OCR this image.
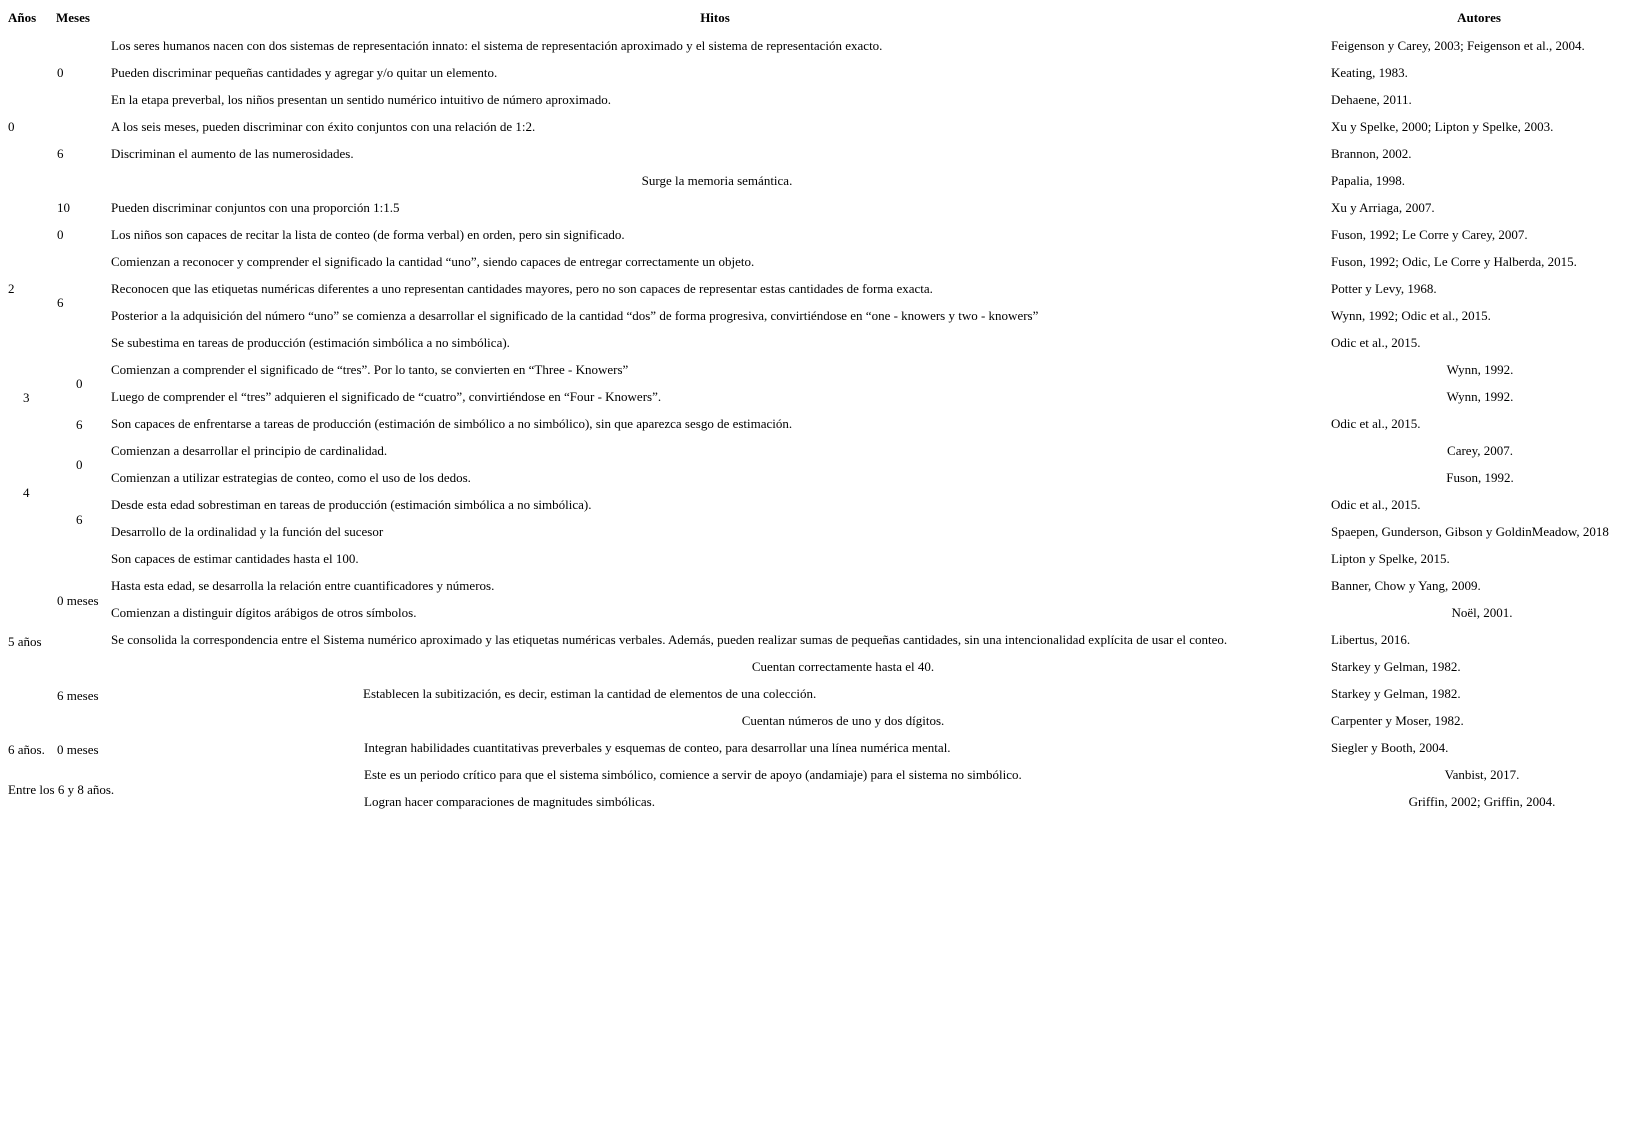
Años Meses	Hitos	Autores
0
2
3
4
5 años
6 años.
Entre los 6 y 8 años.
0
6
10
0
6
0
6
0
6
0 meses
6 meses
0 meses
Los seres humanos nacen con dos sistemas de representación innato: el sistema de representación aproximado y el sistema de representación exacto.
Pueden discriminar pequeñas cantidades y agregar y/o quitar un elemento.
En la etapa preverbal, los niños presentan un sentido numérico intuitivo de número aproximado.
A los seis meses, pueden discriminar con éxito conjuntos con una relación de 1:2.
Discriminan el aumento de las numerosidades.
Surge la memoria semántica.
Pueden discriminar conjuntos con una proporción 1:1.5
Los niños son capaces de recitar la lista de conteo (de forma verbal) en orden, pero sin significado.
Comienzan a reconocer y comprender el significado la cantidad “uno”, siendo capaces de entregar correctamente un objeto.
Reconocen que las etiquetas numéricas diferentes a uno representan cantidades mayores, pero no son capaces de representar estas cantidades de forma exacta.
Posterior a la adquisición del número “uno” se comienza a desarrollar el significado de la cantidad “dos” de forma progresiva, convirtiéndose en “one - knowers y two - knowers”
Se subestima en tareas de producción (estimación simbólica a no simbólica).
Comienzan a comprender el significado de “tres”. Por lo tanto, se convierten en “Three - Knowers”
Luego de comprender el “tres” adquieren el significado de “cuatro”, convirtiéndose en “Four - Knowers”.
Son capaces de enfrentarse a tareas de producción (estimación de simbólico a no simbólico), sin que aparezca sesgo de estimación.
Comienzan a desarrollar el principio de cardinalidad.
Comienzan a utilizar estrategias de conteo, como el uso de los dedos.
Desde esta edad sobrestiman en tareas de producción (estimación simbólica a no simbólica).
Desarrollo de la ordinalidad y la función del sucesor
Son capaces de estimar cantidades hasta el 100.
Hasta esta edad, se desarrolla la relación entre cuantificadores y números.
Comienzan a distinguir dígitos arábigos de otros símbolos.
Se consolida la correspondencia entre el Sistema numérico aproximado y las etiquetas numéricas verbales. Además, pueden realizar sumas de pequeñas cantidades, sin una intencionalidad explícita de usar el conteo.
Cuentan correctamente hasta el 40.
Establecen la subitización, es decir, estiman la cantidad de elementos de una colección.
Cuentan números de uno y dos dígitos.
Integran habilidades cuantitativas preverbales y esquemas de conteo, para desarrollar una línea numérica mental.
Este es un periodo crítico para que el sistema simbólico, comience a servir de apoyo (andamiaje) para el sistema no simbólico.
Logran hacer comparaciones de magnitudes simbólicas.
Feigenson y Carey, 2003; Feigenson et al., 2004.
Keating, 1983.
Dehaene, 2011.
Xu y Spelke, 2000; Lipton y Spelke, 2003.
Brannon, 2002.
Papalia, 1998.
Xu y Arriaga, 2007.
Fuson, 1992; Le Corre y Carey, 2007.
Fuson, 1992; Odic, Le Corre y Halberda, 2015.
Potter y Levy, 1968.
Wynn, 1992; Odic et al., 2015.
Odic et al., 2015.
Wynn, 1992.
Wynn, 1992.
Odic et al., 2015.
Carey, 2007.
Fuson, 1992.
Odic et al., 2015.
Spaepen, Gunderson, Gibson y GoldinMeadow, 2018
Lipton y Spelke, 2015.
Banner, Chow y Yang, 2009.
Noël, 2001.
Libertus, 2016.
Starkey y Gelman, 1982.
Starkey y Gelman, 1982.
Carpenter y Moser, 1982.
Siegler y Booth, 2004.
Vanbist, 2017.
Griffin, 2002; Griffin, 2004.
